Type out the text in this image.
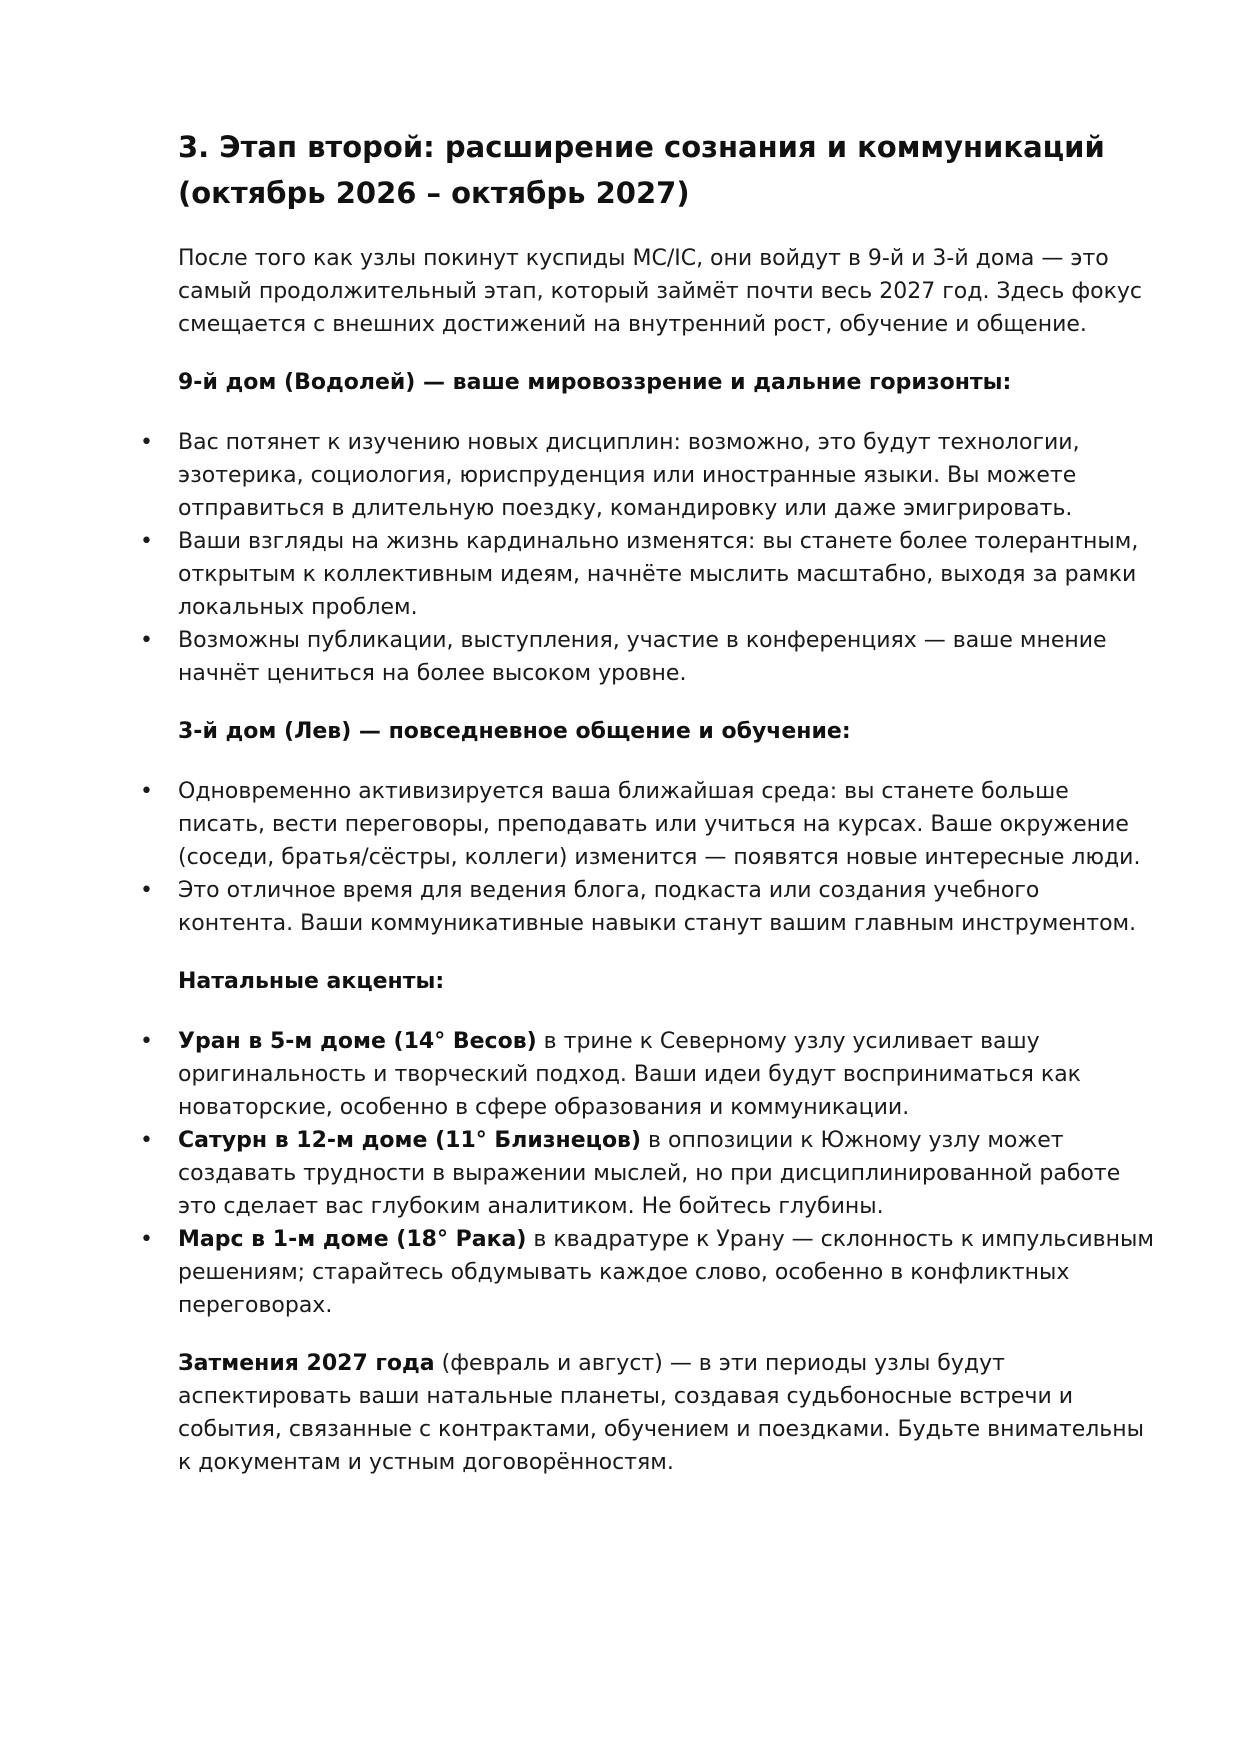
3. Этап второй: расширение сознания и коммуникаций
(октябрь 2026 – октябрь 2027)

После того как узлы покинут куспиды MC/IC, они войдут в 9-й и 3-й дома — это самый продолжительный этап, который займёт почти весь 2027 год. Здесь фокус смещается с внешних достижений на внутренний рост, обучение и общение.

9-й дом (Водолей) — ваше мировоззрение и дальние горизонты:

• Вас потянет к изучению новых дисциплин: возможно, это будут технологии, эзотерика, социология, юриспруденция или иностранные языки. Вы можете отправиться в длительную поездку, командировку или даже эмигрировать.
• Ваши взгляды на жизнь кардинально изменятся: вы станете более толерантным, открытым к коллективным идеям, начнёте мыслить масштабно, выходя за рамки локальных проблем.
• Возможны публикации, выступления, участие в конференциях — ваше мнение начнёт цениться на более высоком уровне.

3-й дом (Лев) — повседневное общение и обучение:

• Одновременно активизируется ваша ближайшая среда: вы станете больше писать, вести переговоры, преподавать или учиться на курсах. Ваше окружение (соседи, братья/сёстры, коллеги) изменится — появятся новые интересные люди.
• Это отличное время для ведения блога, подкаста или создания учебного контента. Ваши коммуникативные навыки станут вашим главным инструментом.

Натальные акценты:

• Уран в 5-м доме (14° Весов) в трине к Северному узлу усиливает вашу оригинальность и творческий подход. Ваши идеи будут восприниматься как новаторские, особенно в сфере образования и коммуникации.
• Сатурн в 12-м доме (11° Близнецов) в оппозиции к Южному узлу может создавать трудности в выражении мыслей, но при дисциплинированной работе это сделает вас глубоким аналитиком. Не бойтесь глубины.
• Марс в 1-м доме (18° Рака) в квадратуре к Урану — склонность к импульсивным решениям; старайтесь обдумывать каждое слово, особенно в конфликтных переговорах.

Затмения 2027 года (февраль и август) — в эти периоды узлы будут аспектировать ваши натальные планеты, создавая судьбоносные встречи и события, связанные с контрактами, обучением и поездками. Будьте внимательны к документам и устным договорённостям.
